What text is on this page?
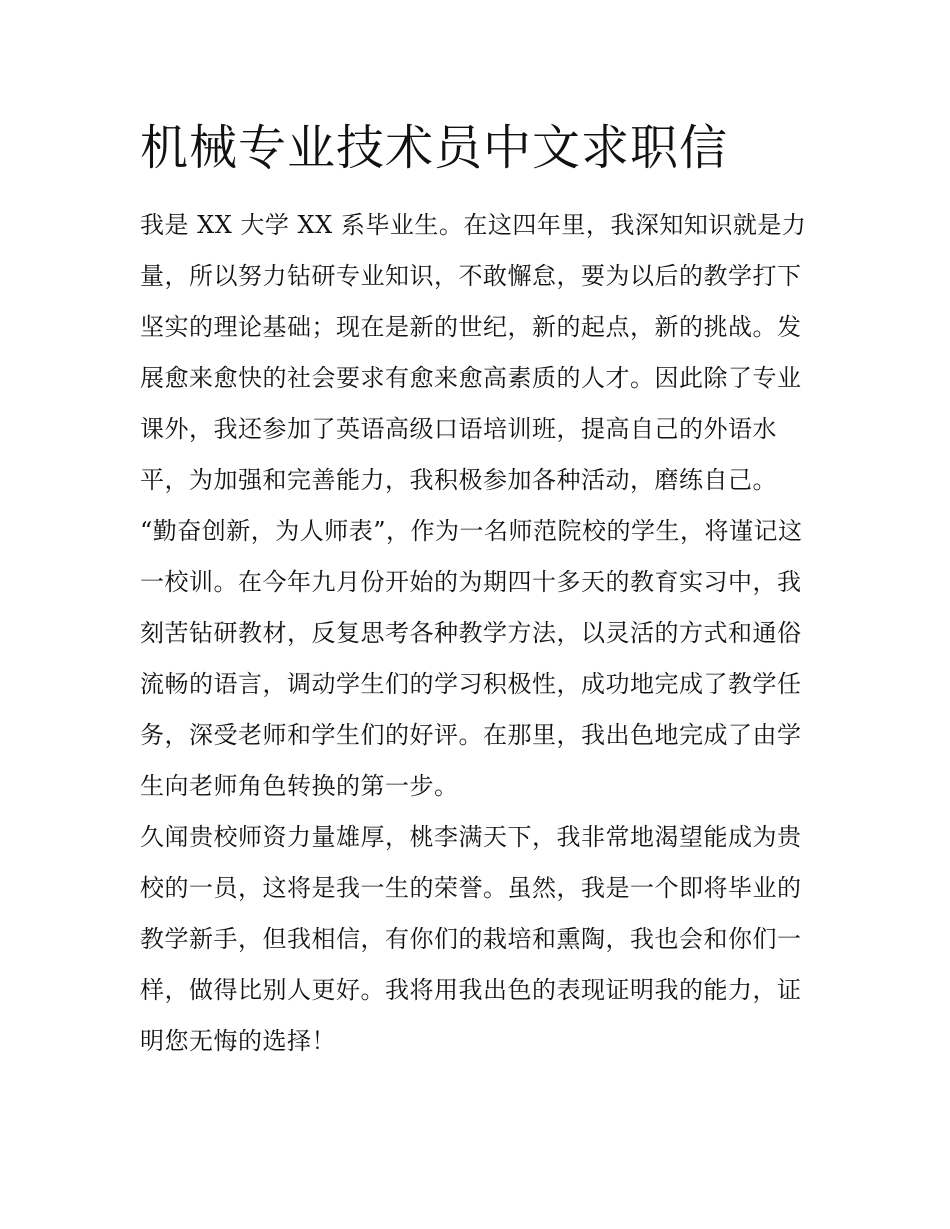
机械专业技术员中文求职信
我是 XX 大学 XX 系毕业生。在这四年里，我深知知识就是力
量，所以努力钻研专业知识，不敢懈怠，要为以后的教学打下
坚实的理论基础；现在是新的世纪，新的起点，新的挑战。发
展愈来愈快的社会要求有愈来愈高素质的人才。因此除了专业
课外，我还参加了英语高级口语培训班，提高自己的外语水
平，为加强和完善能力，我积极参加各种活动，磨练自己。
“勤奋创新，为人师表”，作为一名师范院校的学生，将谨记这
一校训。在今年九月份开始的为期四十多天的教育实习中，我
刻苦钻研教材，反复思考各种教学方法，以灵活的方式和通俗
流畅的语言，调动学生们的学习积极性，成功地完成了教学任
务，深受老师和学生们的好评。在那里，我出色地完成了由学
生向老师角色转换的第一步。
久闻贵校师资力量雄厚，桃李满天下，我非常地渴望能成为贵
校的一员，这将是我一生的荣誉。虽然，我是一个即将毕业的
教学新手，但我相信，有你们的栽培和熏陶，我也会和你们一
样，做得比别人更好。我将用我出色的表现证明我的能力，证
明您无悔的选择！
